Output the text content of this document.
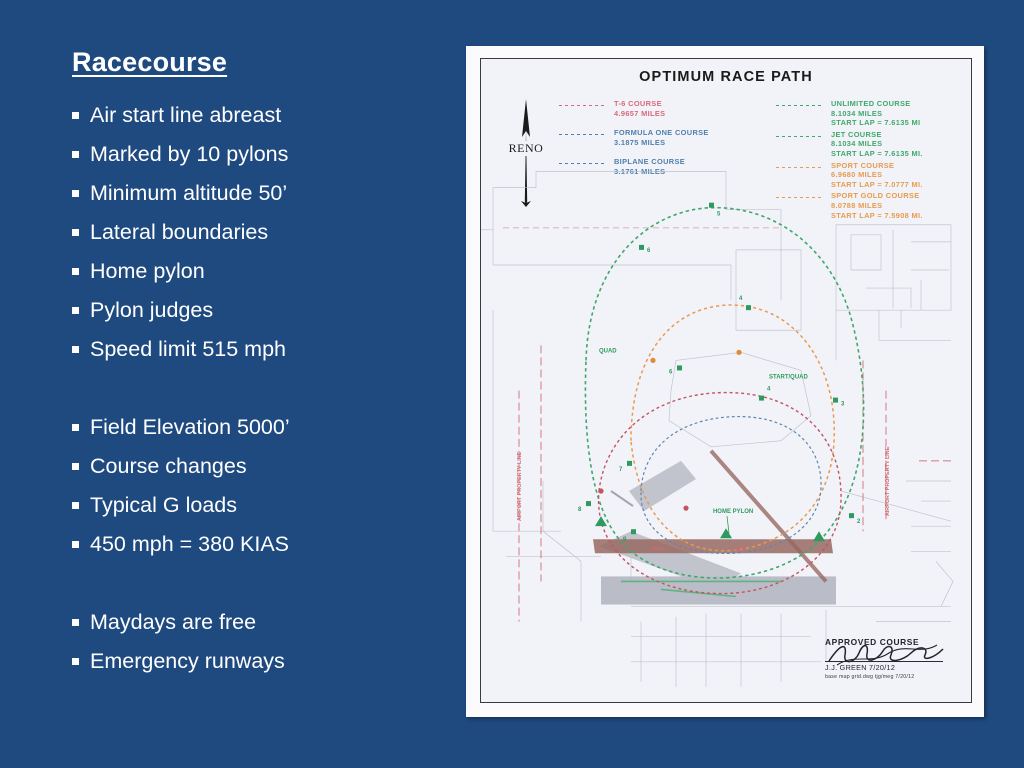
Racecourse
Air start line abreast
Marked by 10 pylons
Minimum altitude 50’
Lateral boundaries
Home pylon
Pylon judges
Speed limit 515 mph
Field Elevation 5000’
Course changes
Typical G loads
450 mph = 380 KIAS
Maydays are free
Emergency runways
OPTIMUM RACE PATH
RENO
T-6 COURSE
4.9657 MILES
FORMULA ONE COURSE
3.1875 MILES
BIPLANE COURSE
3.1761 MILES
UNLIMITED COURSE
8.1034 MILES
START LAP = 7.6135 MI
JET COURSE
8.1034 MILES
START LAP = 7.6135 MI.
SPORT COURSE
6.9680 MILES
START LAP = 7.0777 MI.
SPORT GOLD COURSE
8.0788 MILES
START LAP = 7.5908 MI.
5
6
4
6
4
3
7
8
2
9
START/QUAD
QUAD
HOME PYLON
AIRPORT PROPERTY LINE	AIRPORT PROPERTY LINE
16/34	16/34
APPROVED COURSE
J.J. GREEN 7/20/12
base map grid.dwg tjg/meg 7/20/12
